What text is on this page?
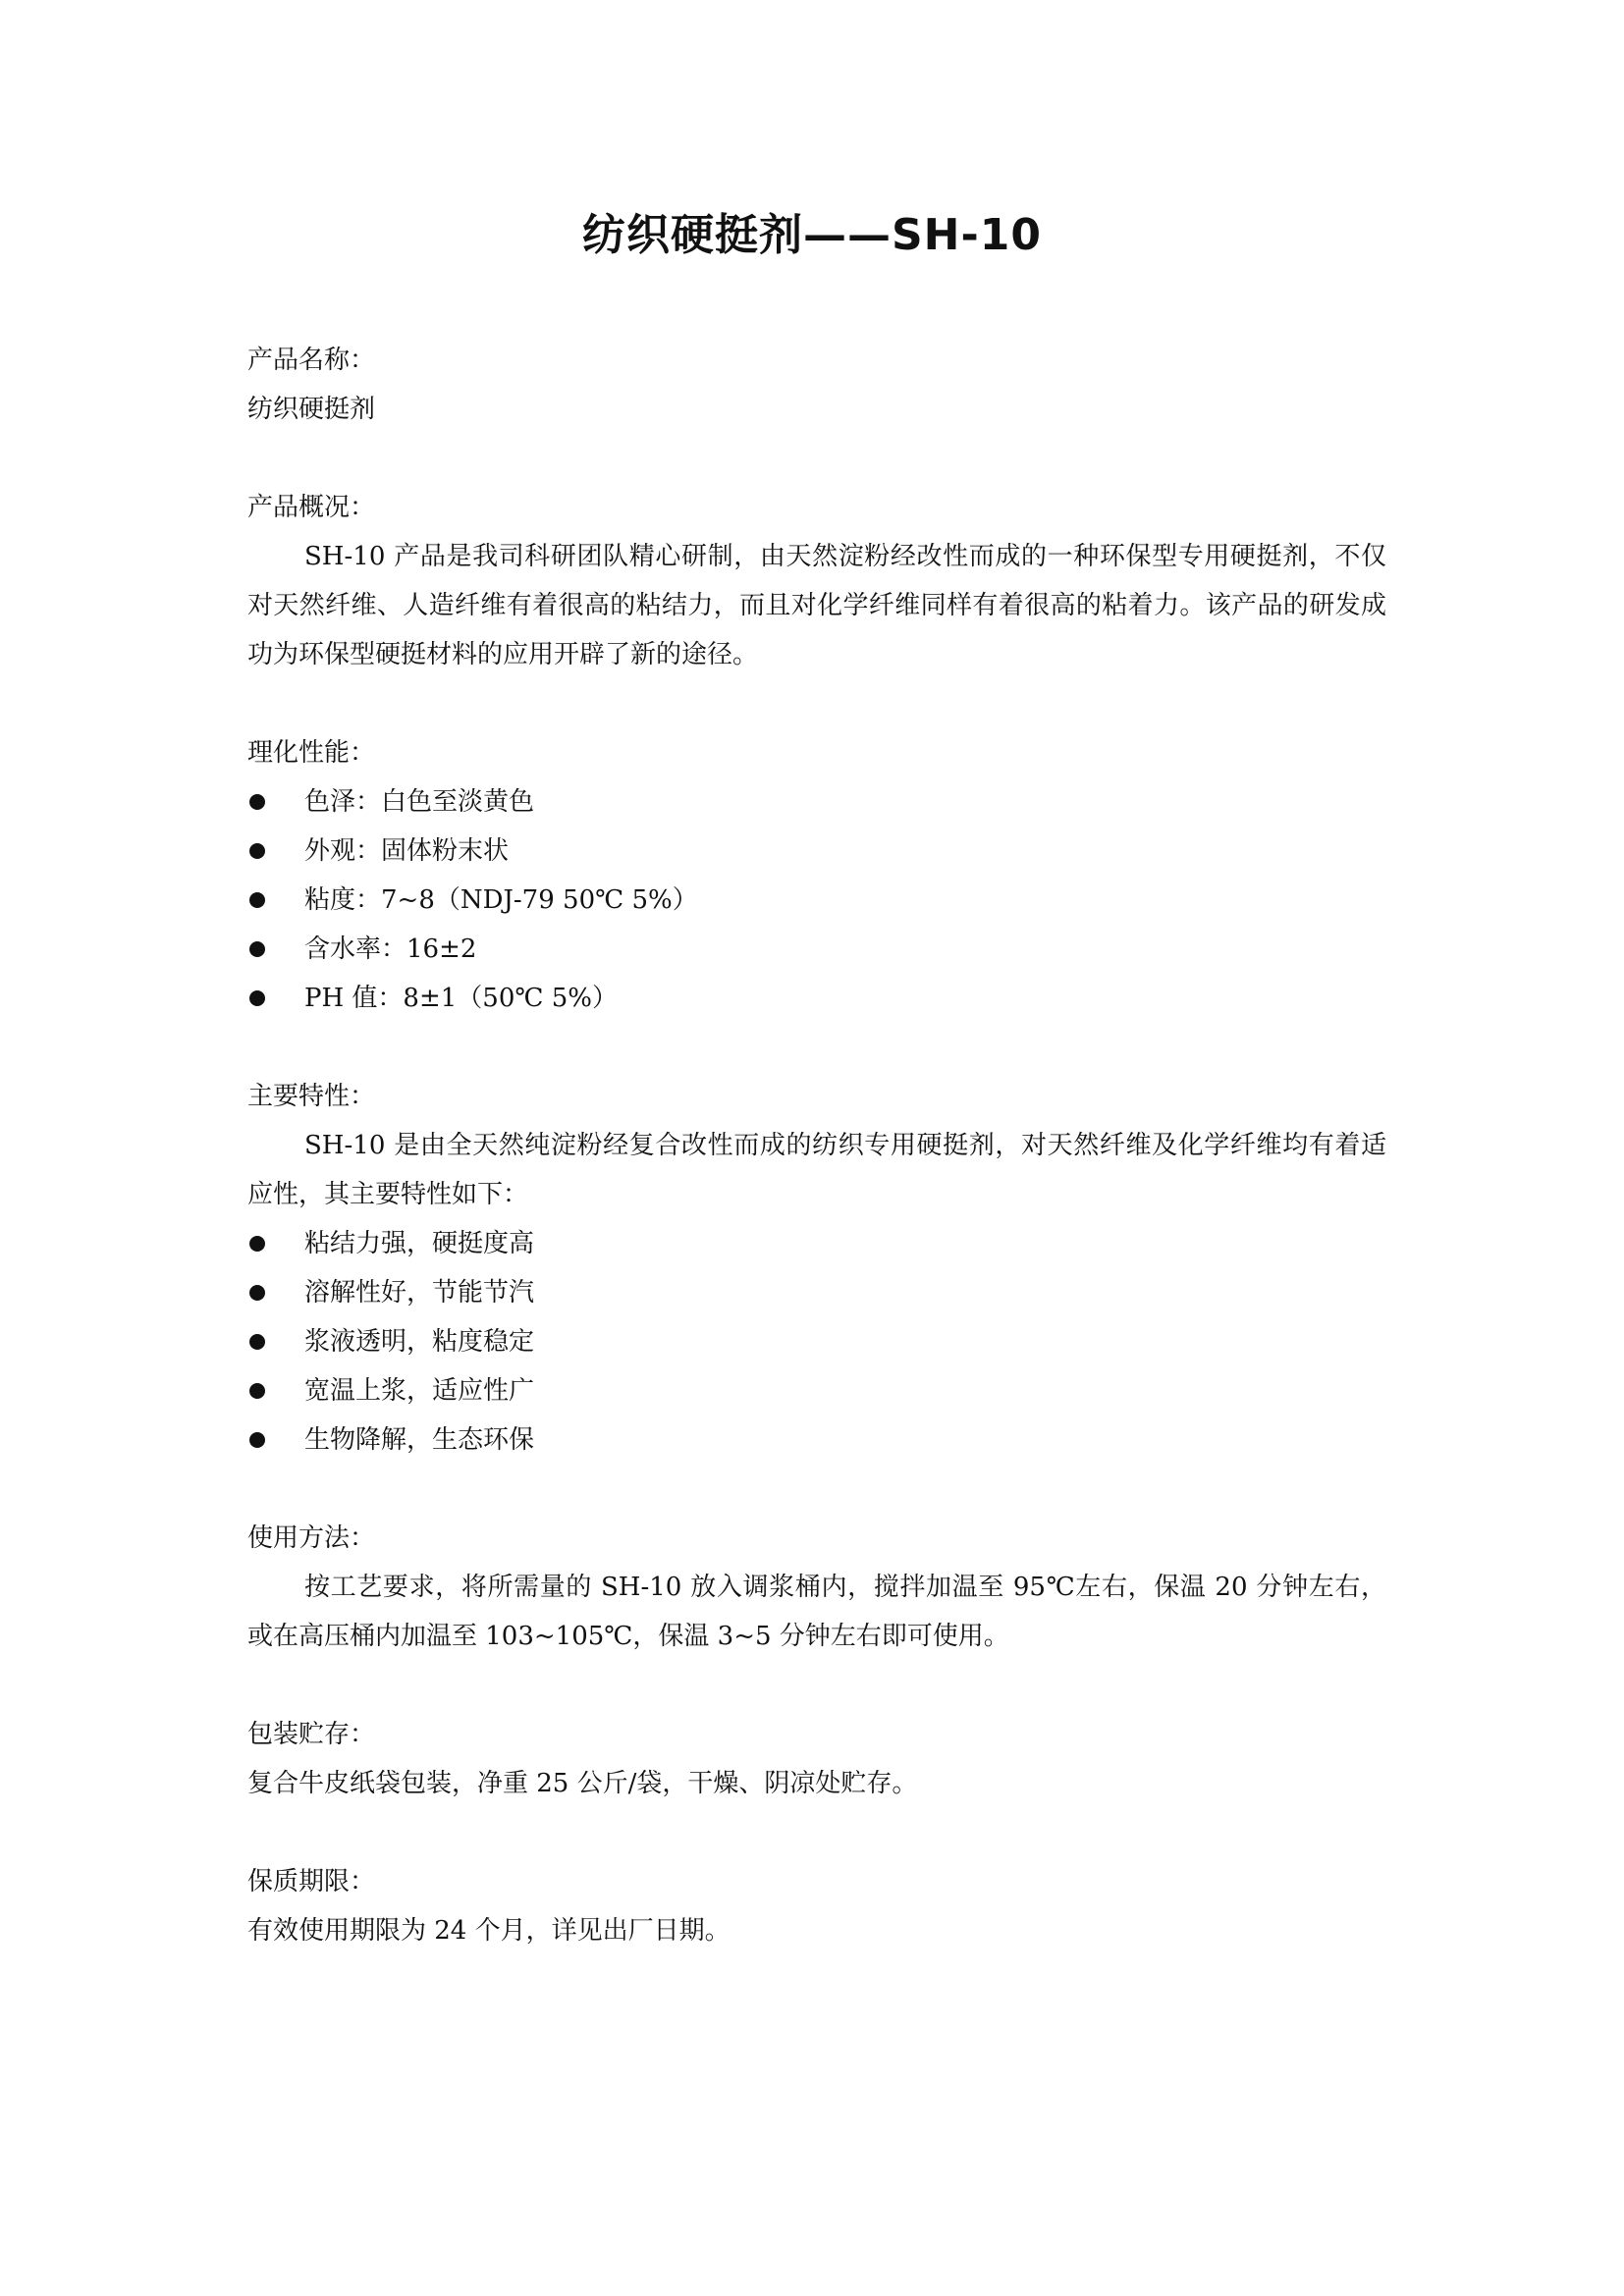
纺织硬挺剂——SH-10
产品名称：
纺织硬挺剂
产品概况：
SH-10 产品是我司科研团队精心研制，由天然淀粉经改性而成的一种环保型专用硬挺剂，不仅对天然纤维、人造纤维有着很高的粘结力，而且对化学纤维同样有着很高的粘着力。该产品的研发成功为环保型硬挺材料的应用开辟了新的途径。
理化性能：
色泽：白色至淡黄色
外观：固体粉末状
粘度：7~8（NDJ-79 50℃ 5%）
含水率：16±2
PH 值：8±1（50℃ 5%）
主要特性：
SH-10 是由全天然纯淀粉经复合改性而成的纺织专用硬挺剂，对天然纤维及化学纤维均有着适应性，其主要特性如下：
粘结力强，硬挺度高
溶解性好，节能节汽
浆液透明，粘度稳定
宽温上浆，适应性广
生物降解，生态环保
使用方法：
按工艺要求，将所需量的 SH-10 放入调浆桶内，搅拌加温至 95℃左右，保温 20 分钟左右，或在高压桶内加温至 103~105℃，保温 3~5 分钟左右即可使用。
包装贮存：
复合牛皮纸袋包装，净重 25 公斤/袋，干燥、阴凉处贮存。
保质期限：
有效使用期限为 24 个月，详见出厂日期。
